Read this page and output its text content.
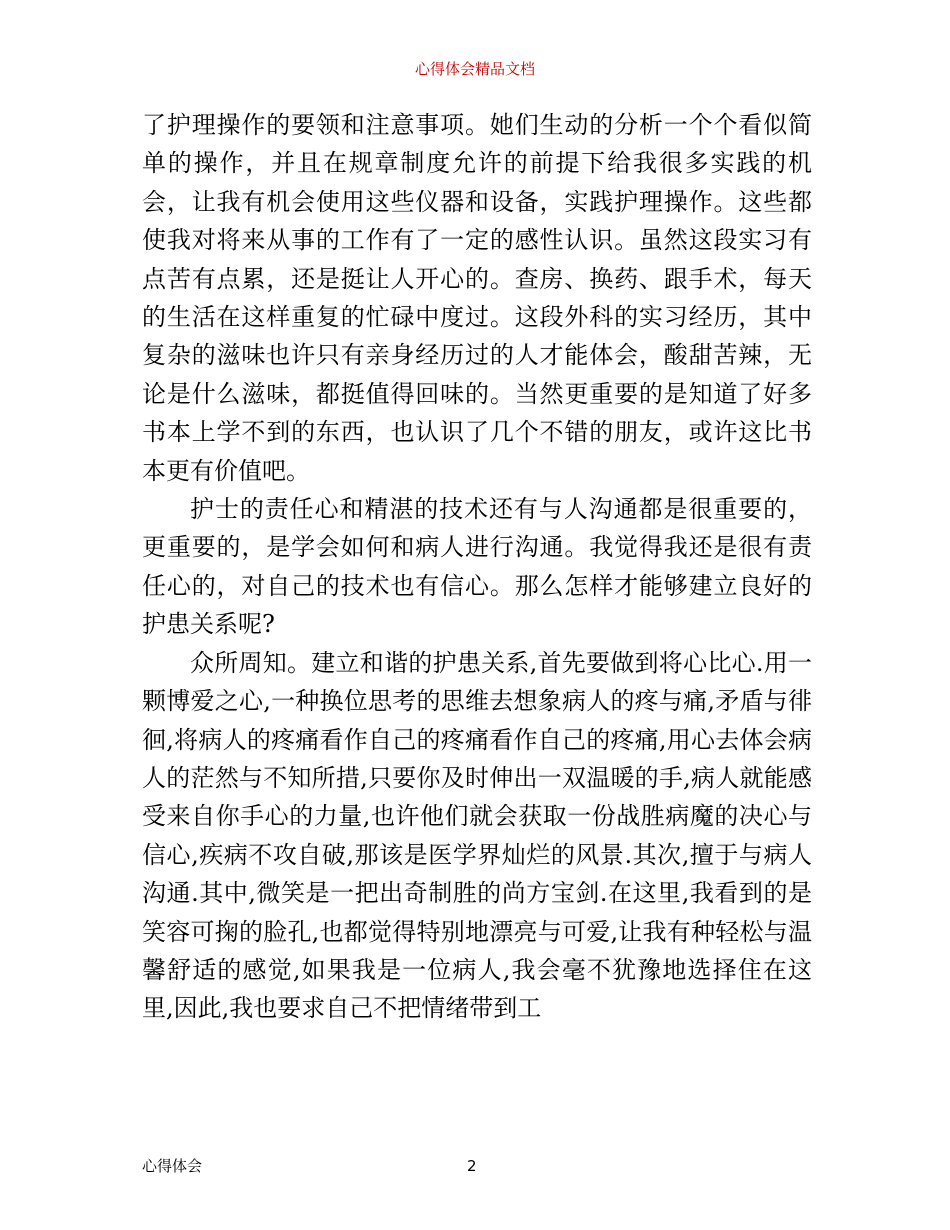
心得体会精品文档

了护理操作的要领和注意事项。她们生动的分析一个个看似简单的操作，并且在规章制度允许的前提下给我很多实践的机会，让我有机会使用这些仪器和设备，实践护理操作。这些都使我对将来从事的工作有了一定的感性认识。虽然这段实习有点苦有点累，还是挺让人开心的。查房、换药、跟手术，每天的生活在这样重复的忙碌中度过。这段外科的实习经历，其中复杂的滋味也许只有亲身经历过的人才能体会，酸甜苦辣，无论是什么滋味，都挺值得回味的。当然更重要的是知道了好多书本上学不到的东西，也认识了几个不错的朋友，或许这比书本更有价值吧。

护士的责任心和精湛的技术还有与人沟通都是很重要的，更重要的，是学会如何和病人进行沟通。我觉得我还是很有责任心的，对自己的技术也有信心。那么怎样才能够建立良好的护患关系呢?

众所周知。建立和谐的护患关系,首先要做到将心比心.用一颗博爱之心,一种换位思考的思维去想象病人的疼与痛,矛盾与徘徊,将病人的疼痛看作自己的疼痛看作自己的疼痛,用心去体会病人的茫然与不知所措,只要你及时伸出一双温暖的手,病人就能感受来自你手心的力量,也许他们就会获取一份战胜病魔的决心与信心,疾病不攻自破,那该是医学界灿烂的风景.其次,擅于与病人沟通.其中,微笑是一把出奇制胜的尚方宝剑.在这里,我看到的是笑容可掬的脸孔,也都觉得特别地漂亮与可爱,让我有种轻松与温馨舒适的感觉,如果我是一位病人,我会毫不犹豫地选择住在这里,因此,我也要求自己不把情绪带到工

心得体会	2
